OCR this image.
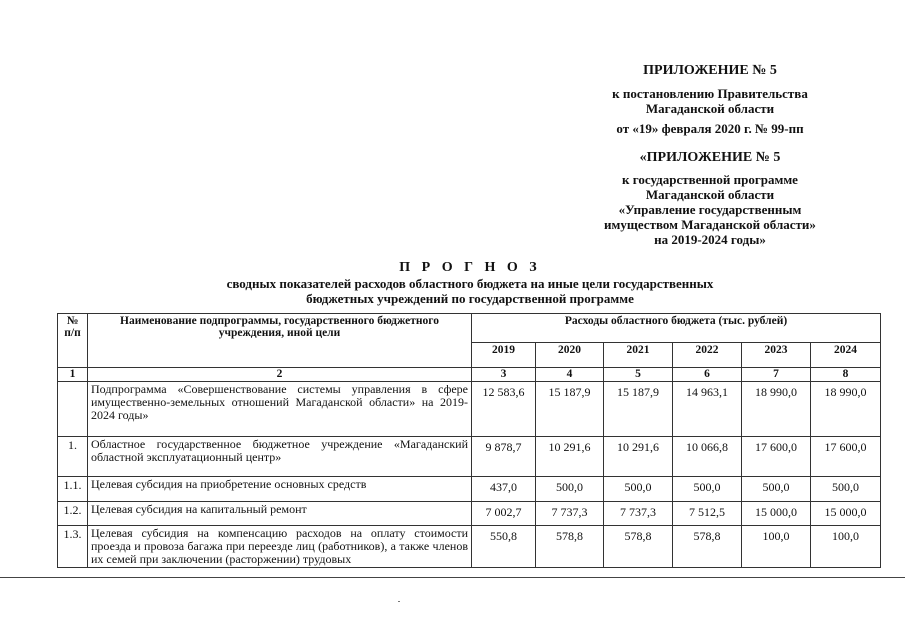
ПРИЛОЖЕНИЕ № 5
к постановлению Правительства
Магаданской области
от «19» февраля 2020 г. № 99-пп
«ПРИЛОЖЕНИЕ № 5
к государственной программе
Магаданской области
«Управление государственным
имуществом Магаданской области»
на 2019-2024 годы»
П Р О Г Н О З
сводных показателей расходов областного бюджета на иные цели государственных
бюджетных учреждений по государственной программе
№ п/п	Наименование подпрограммы, государственного бюджетного учреждения, иной цели	Расходы областного бюджета (тыс. рублей)					
		2019	2020	2021	2022	2023	2024
1	2	3	4	5	6	7	8
	Подпрограмма «Совершенствование системы управления в сфере имущественно-земельных отношений Магаданской области» на 2019-2024 годы»	12 583,6	15 187,9	15 187,9	14 963,1	18 990,0	18 990,0
1.	Областное государственное бюджетное учреждение «Магаданский областной эксплуатационный центр»	9 878,7	10 291,6	10 291,6	10 066,8	17 600,0	17 600,0
1.1.	Целевая субсидия на приобретение основных средств	437,0	500,0	500,0	500,0	500,0	500,0
1.2.	Целевая субсидия на капитальный ремонт	7 002,7	7 737,3	7 737,3	7 512,5	15 000,0	15 000,0
1.3.	Целевая субсидия на компенсацию расходов на оплату стоимости проезда и провоза багажа при переезде лиц (работников), а также членов их семей при заключении (расторжении) трудовых	550,8	578,8	578,8	578,8	100,0	100,0
